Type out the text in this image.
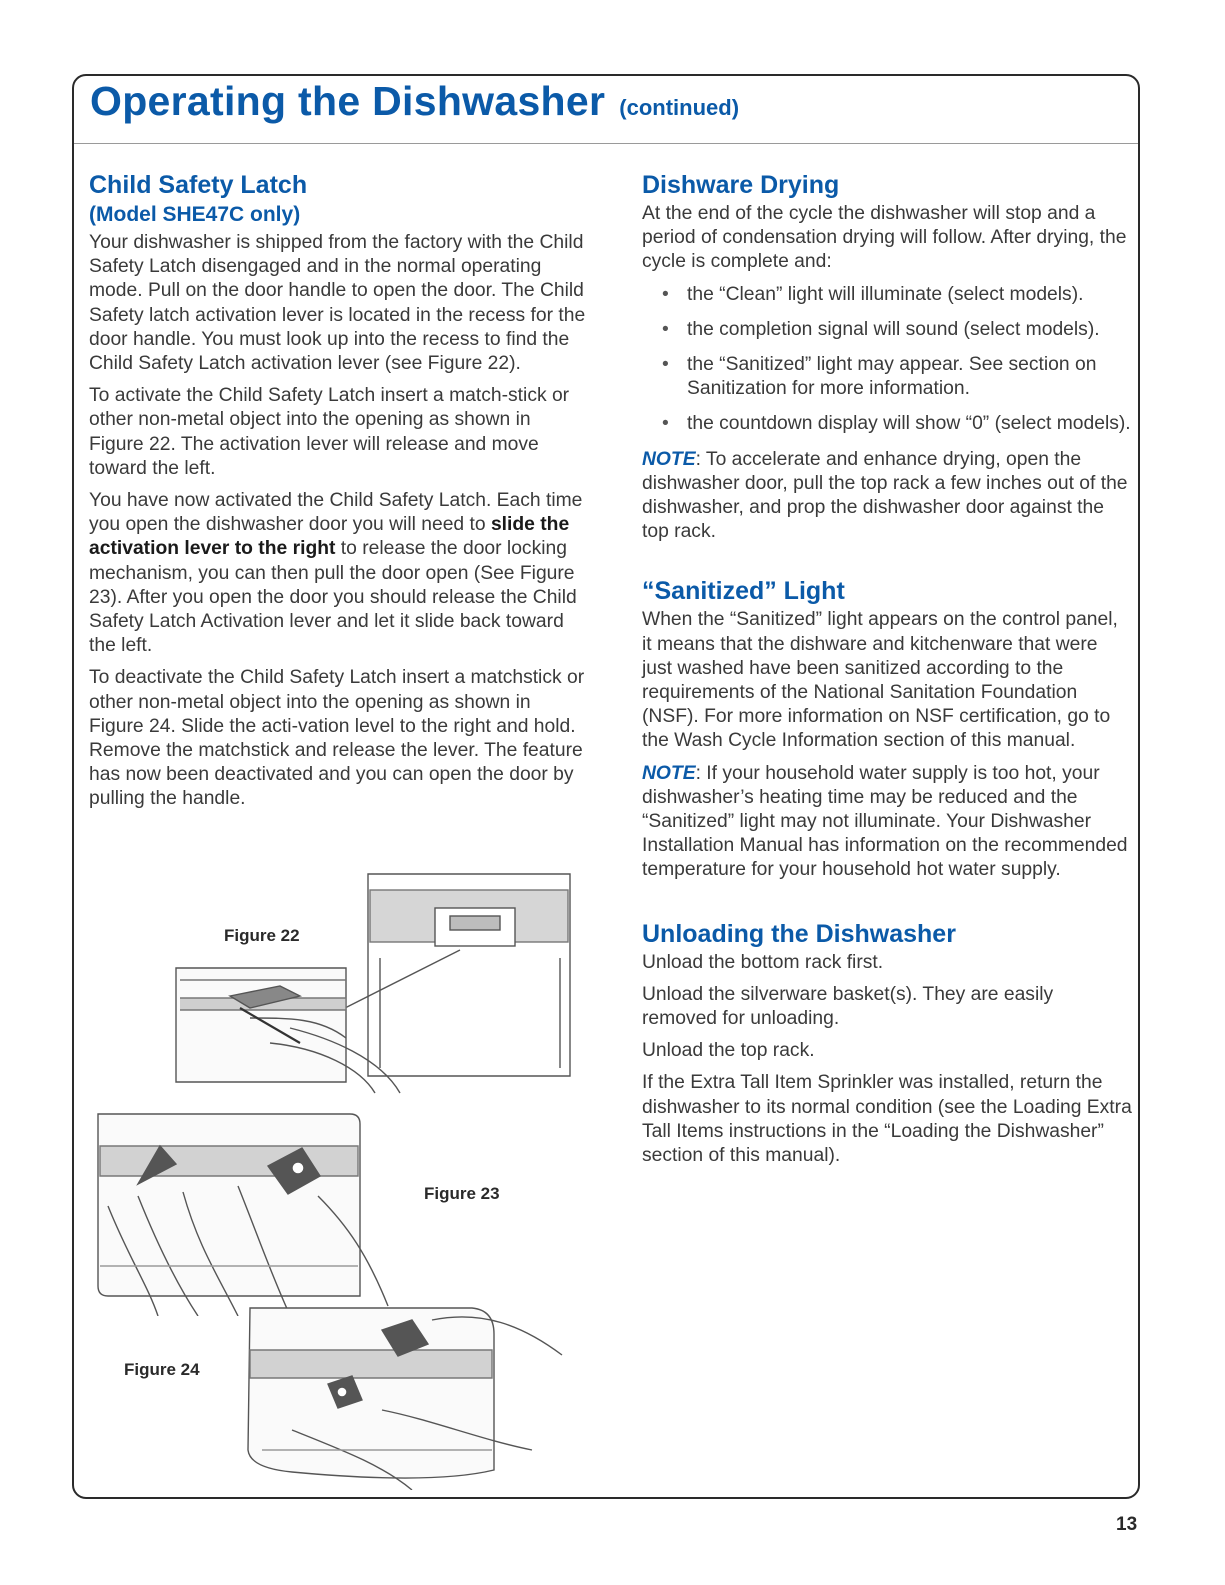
Operating the Dishwasher (continued)
Child Safety Latch
(Model SHE47C only)

Your dishwasher is shipped from the factory with the Child Safety Latch disengaged and in the normal operating mode. Pull on the door handle to open the door. The Child Safety latch activation lever is located in the recess for the door handle. You must look up into the recess to find the Child Safety Latch activation lever (see Figure 22).

To activate the Child Safety Latch insert a match-stick or other non-metal object into the opening as shown in Figure 22. The activation lever will release and move toward the left.

You have now activated the Child Safety Latch. Each time you open the dishwasher door you will need to slide the activation lever to the right to release the door locking mechanism, you can then pull the door open (See Figure 23). After you open the door you should release the Child Safety Latch Activation lever and let it slide back toward the left.

To deactivate the Child Safety Latch insert a matchstick or other non-metal object into the opening as shown in Figure 24. Slide the acti-vation level to the right and hold. Remove the matchstick and release the lever. The feature has now been deactivated and you can open the door by pulling the handle.

Figure 22
Figure 23
Figure 24
Dishware Drying

At the end of the cycle the dishwasher will stop and a period of condensation drying will follow. After drying, the cycle is complete and:

• the “Clean” light will illuminate (select models).
• the completion signal will sound (select models).
• the “Sanitized” light may appear. See section on Sanitization for more information.
• the countdown display will show “0” (select models).

NOTE: To accelerate and enhance drying, open the dishwasher door, pull the top rack a few inches out of the dishwasher, and prop the dishwasher door against the top rack.

“Sanitized” Light

When the “Sanitized” light appears on the control panel, it means that the dishware and kitchenware that were just washed have been sanitized according to the requirements of the National Sanitation Foundation (NSF). For more information on NSF certification, go to the Wash Cycle Information section of this manual.

NOTE: If your household water supply is too hot, your dishwasher’s heating time may be reduced and the “Sanitized” light may not illuminate. Your Dishwasher Installation Manual has information on the recommended temperature for your household hot water supply.

Unloading the Dishwasher

Unload the bottom rack first.

Unload the silverware basket(s). They are easily removed for unloading.

Unload the top rack.

If the Extra Tall Item Sprinkler was installed, return the dishwasher to its normal condition (see the Loading Extra Tall Items instructions in the “Loading the Dishwasher” section of this manual).

13
